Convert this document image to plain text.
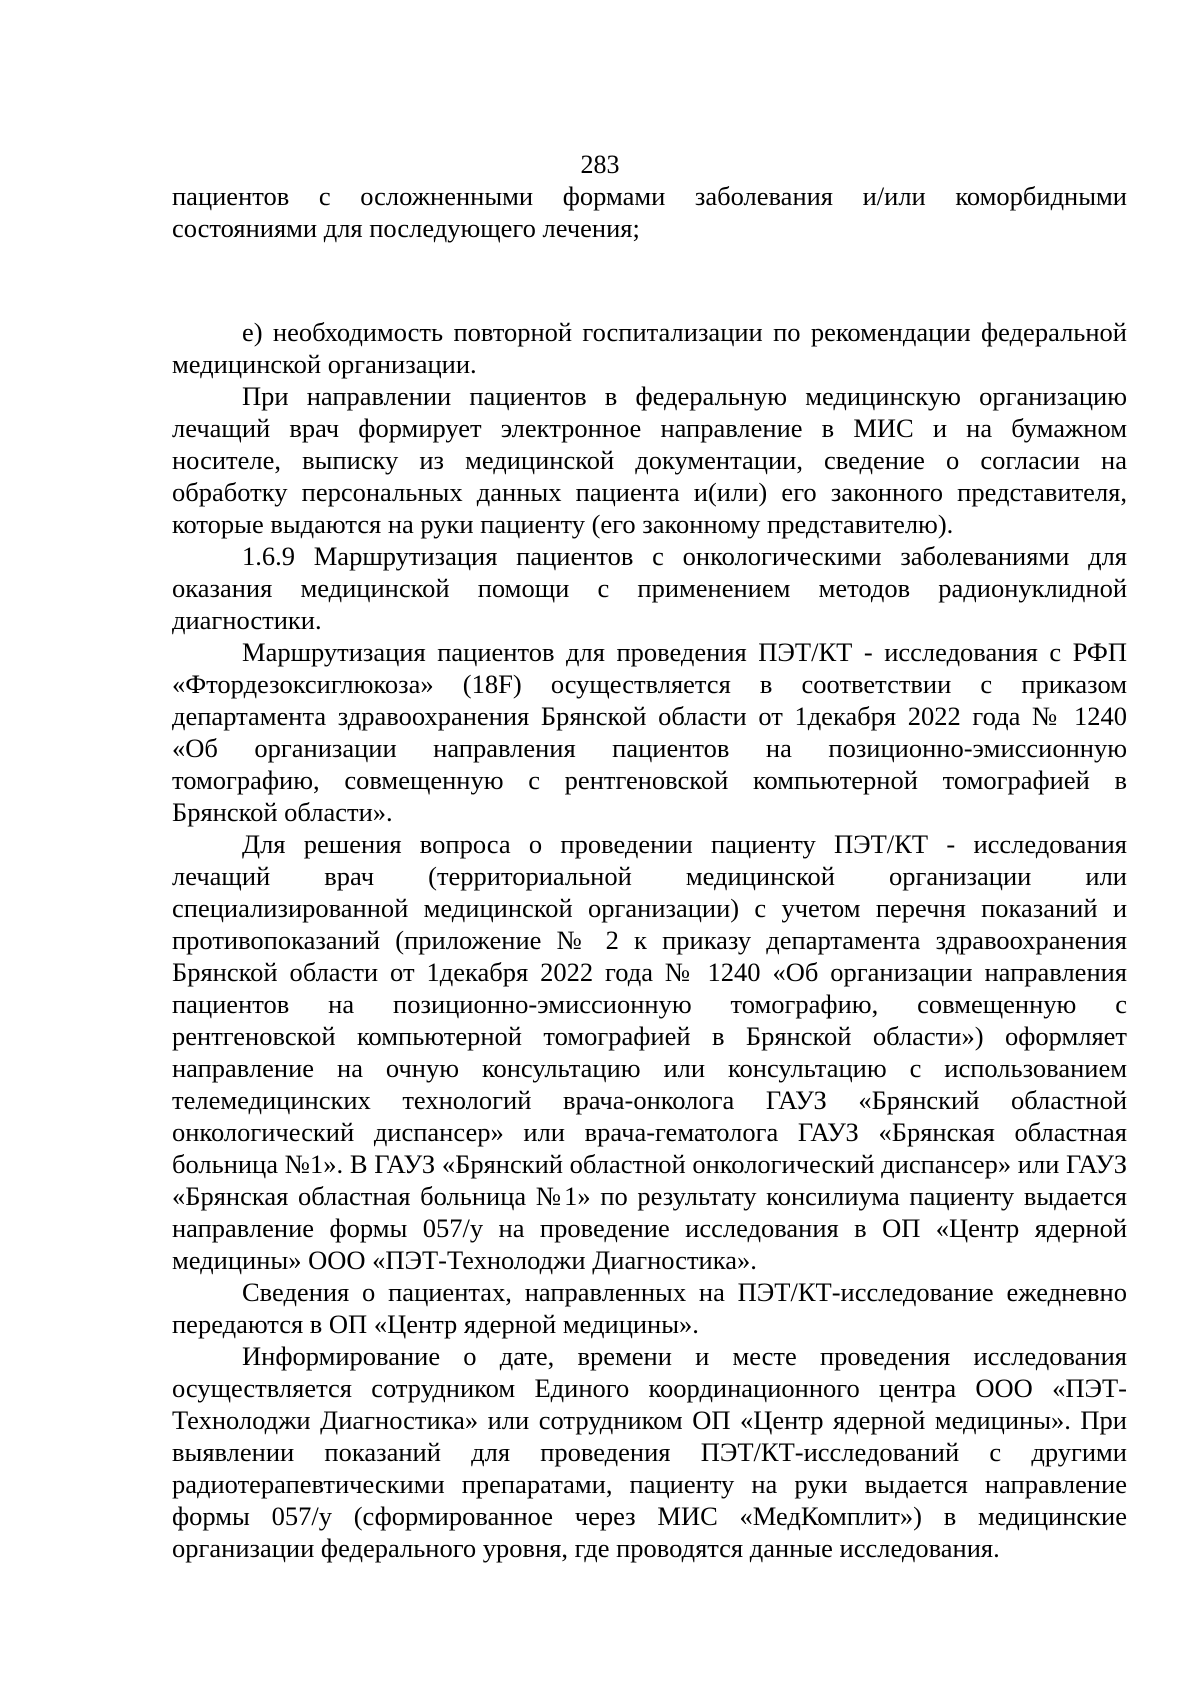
283

пациентов с осложненными формами заболевания и/или коморбидными состояниями для последующего лечения;

е) необходимость повторной госпитализации по рекомендации федеральной медицинской организации.

При направлении пациентов в федеральную медицинскую организацию лечащий врач формирует электронное направление в МИС и на бумажном носителе, выписку из медицинской документации, сведение о согласии на обработку персональных данных пациента и(или) его законного представителя, которые выдаются на руки пациенту (его законному представителю).

1.6.9 Маршрутизация пациентов с онкологическими заболеваниями для оказания медицинской помощи с применением методов радионуклидной диагностики.

Маршрутизация пациентов для проведения ПЭТ/КТ - исследования с РФП «Фтордезоксиглюкоза» (18F) осуществляется в соответствии с приказом департамента здравоохранения Брянской области от 1декабря 2022 года № 1240 «Об организации направления пациентов на позиционно-эмиссионную томографию, совмещенную с рентгеновской компьютерной томографией в Брянской области».

Для решения вопроса о проведении пациенту ПЭТ/КТ - исследования лечащий врач (территориальной медицинской организации или специализированной медицинской организации) с учетом перечня показаний и противопоказаний (приложение № 2 к приказу департамента здравоохранения Брянской области от 1декабря 2022 года № 1240 «Об организации направления пациентов на позиционно-эмиссионную томографию, совмещенную с рентгеновской компьютерной томографией в Брянской области») оформляет направление на очную консультацию или консультацию с использованием телемедицинских технологий врача-онколога ГАУЗ «Брянский областной онкологический диспансер» или врача-гематолога ГАУЗ «Брянская областная больница №1». В ГАУЗ «Брянский областной онкологический диспансер» или ГАУЗ «Брянская областная больница №1» по результату консилиума пациенту выдается направление формы 057/у на проведение исследования в ОП «Центр ядерной медицины» ООО «ПЭТ-Технолоджи Диагностика».

Сведения о пациентах, направленных на ПЭТ/КТ-исследование ежедневно передаются в ОП «Центр ядерной медицины».

Информирование о дате, времени и месте проведения исследования осуществляется сотрудником Единого координационного центра ООО «ПЭТ-Технолоджи Диагностика» или сотрудником ОП «Центр ядерной медицины». При выявлении показаний для проведения ПЭТ/КТ-исследований с другими радиотерапевтическими препаратами, пациенту на руки выдается направление формы 057/у (сформированное через МИС «МедКомплит») в медицинские организации федерального уровня, где проводятся данные исследования.
